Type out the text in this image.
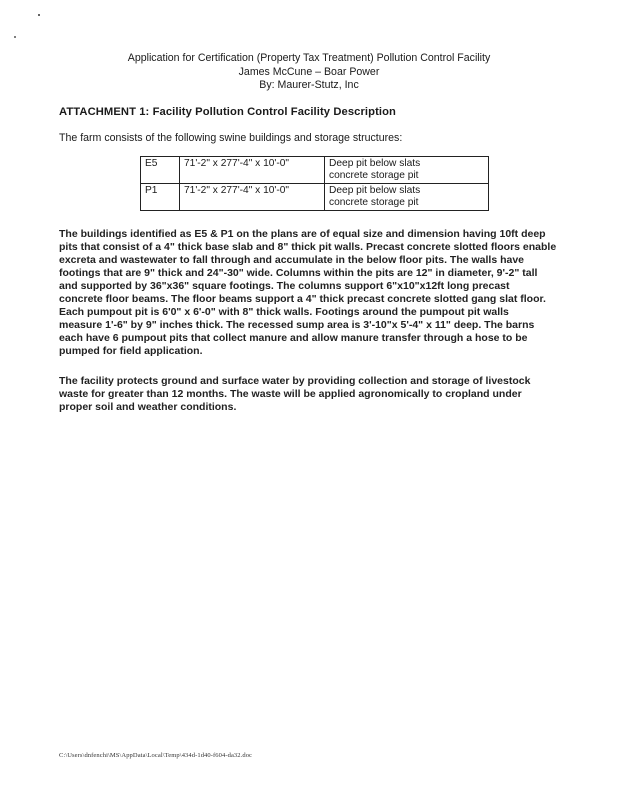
Application for Certification (Property Tax Treatment) Pollution Control Facility
James McCune – Boar Power
By: Maurer-Stutz, Inc
ATTACHMENT 1: Facility Pollution Control Facility Description
The farm consists of the following swine buildings and storage structures:
E5	71'-2" x 277'-4" x 10'-0"	Deep pit below slats
concrete storage pit

P1	71'-2" x 277'-4" x 10'-0"	Deep pit below slats
concrete storage pit
The buildings identified as E5 & P1 on the plans are of equal size and dimension having 10ft deep
pits that consist of a 4" thick base slab and 8" thick pit walls. Precast concrete slotted floors enable
excreta and wastewater to fall through and accumulate in the below floor pits. The walls have
footings that are 9" thick and 24"-30" wide. Columns within the pits are 12" in diameter, 9'-2" tall
and supported by 36"x36" square footings. The columns support 6"x10"x12ft long precast
concrete floor beams. The floor beams support a 4" thick precast concrete slotted gang slat floor.
Each pumpout pit is 6'0" x 6'-0" with 8" thick walls. Footings around the pumpout pit walls
measure 1'-6" by 9" inches thick. The recessed sump area is 3'-10"x 5'-4" x 11" deep. The barns
each have 6 pumpout pits that collect manure and allow manure transfer through a hose to be
pumped for field application.
The facility protects ground and surface water by providing collection and storage of livestock
waste for greater than 12 months. The waste will be applied agronomically to cropland under
proper soil and weather conditions.
C:\Users\dnfenchi\MS\AppData\Local\Temp\434d-1d40-f604-da32.doc
